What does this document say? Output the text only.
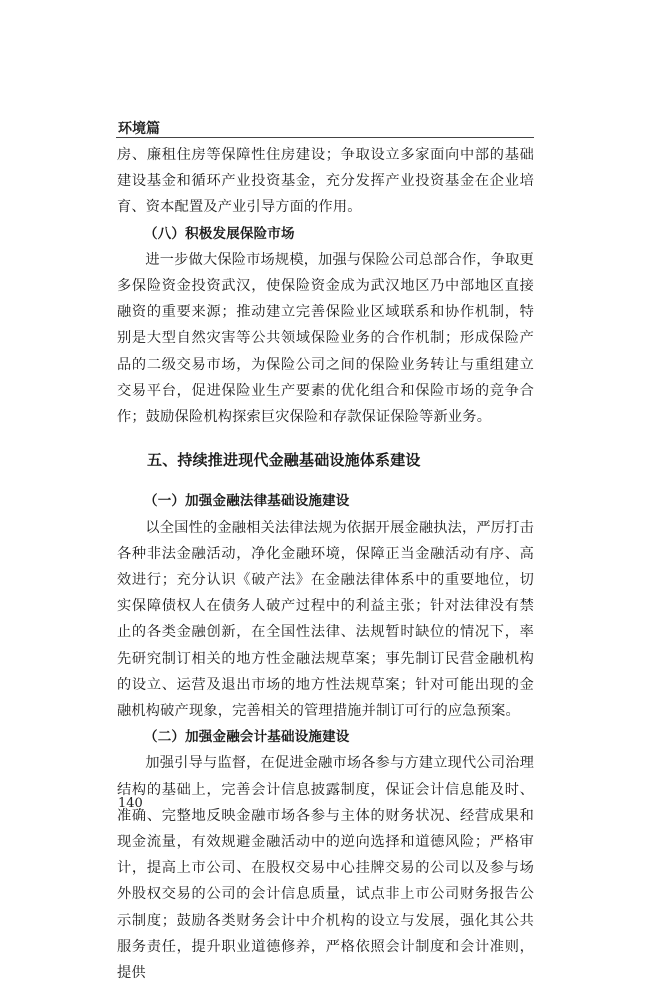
环境篇

房、廉租住房等保障性住房建设；争取设立多家面向中部的基础建设基金和循环产业投资基金，充分发挥产业投资基金在企业培育、资本配置及产业引导方面的作用。

（八）积极发展保险市场

进一步做大保险市场规模，加强与保险公司总部合作，争取更多保险资金投资武汉，使保险资金成为武汉地区乃中部地区直接融资的重要来源；推动建立完善保险业区域联系和协作机制，特别是大型自然灾害等公共领域保险业务的合作机制；形成保险产品的二级交易市场，为保险公司之间的保险业务转让与重组建立交易平台，促进保险业生产要素的优化组合和保险市场的竞争合作；鼓励保险机构探索巨灾保险和存款保证保险等新业务。

五、持续推进现代金融基础设施体系建设
（一）加强金融法律基础设施建设

以全国性的金融相关法律法规为依据开展金融执法，严厉打击各种非法金融活动，净化金融环境，保障正当金融活动有序、高效进行；充分认识《破产法》在金融法律体系中的重要地位，切实保障债权人在债务人破产过程中的利益主张；针对法律没有禁止的各类金融创新，在全国性法律、法规暂时缺位的情况下，率先研究制订相关的地方性金融法规草案；事先制订民营金融机构的设立、运营及退出市场的地方性法规草案；针对可能出现的金融机构破产现象，完善相关的管理措施并制订可行的应急预案。

（二）加强金融会计基础设施建设

加强引导与监督，在促进金融市场各参与方建立现代公司治理结构的基础上，完善会计信息披露制度，保证会计信息能及时、准确、完整地反映金融市场各参与主体的财务状况、经营成果和现金流量，有效规避金融活动中的逆向选择和道德风险；严格审计，提高上市公司、在股权交易中心挂牌交易的公司以及参与场外股权交易的公司的会计信息质量，试点非上市公司财务报告公示制度；鼓励各类财务会计中介机构的设立与发展，强化其公共服务责任，提升职业道德修养，严格依照会计制度和会计准则，提供

140
